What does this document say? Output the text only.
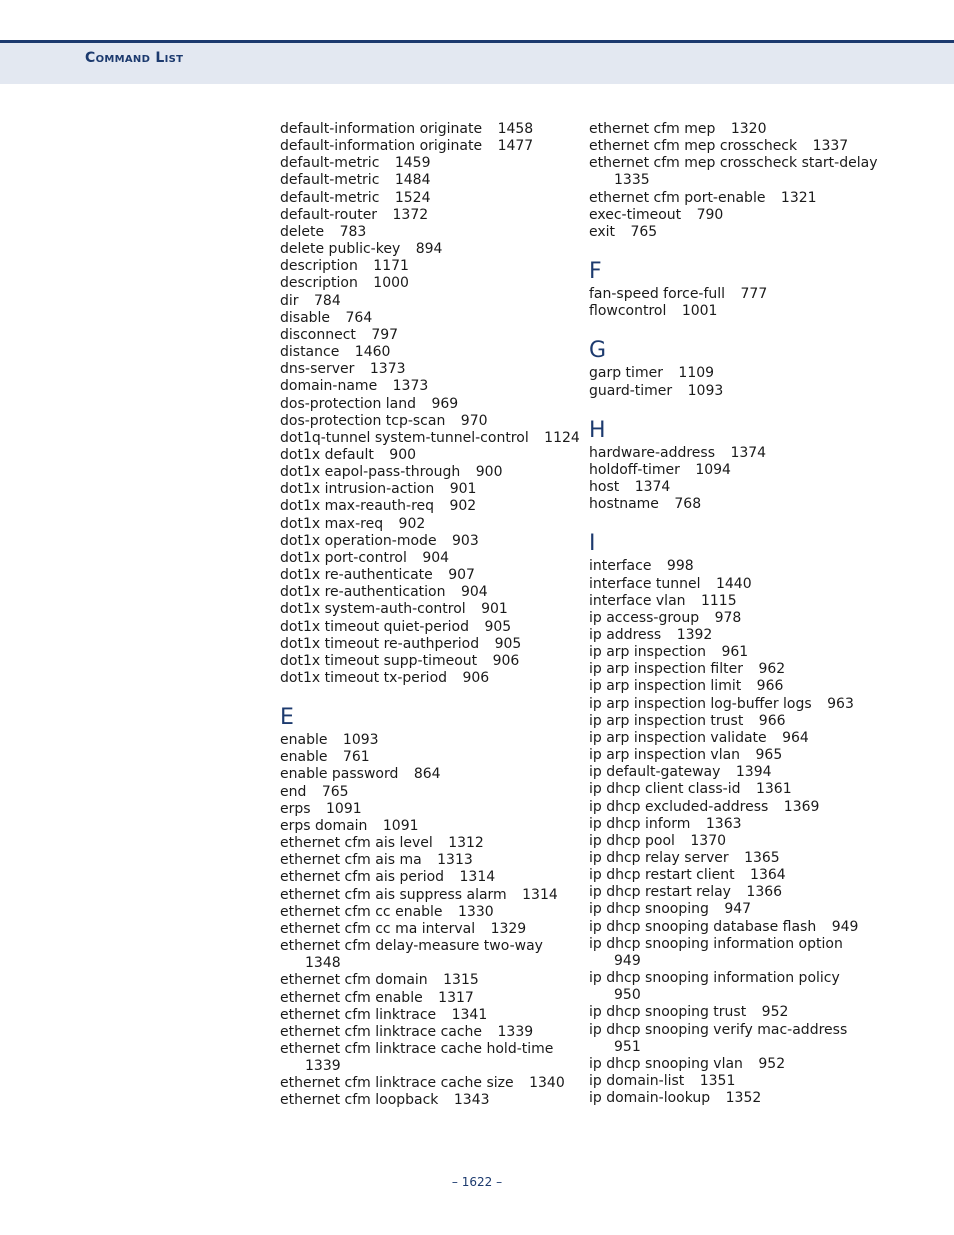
Command List

default-information originate 1458

default-information originate 1477

default-metric 1459

default-metric 1484

default-metric 1524

default-router 1372

delete 783

delete public-key 894

description 1171

description 1000

dir 784

disable 764

disconnect 797

distance 1460

dns-server 1373

domain-name 1373

dos-protection land 969

dos-protection tcp-scan 970

dot1q-tunnel system-tunnel-control 1124

dot1x default 900

dot1x eapol-pass-through 900

dot1x intrusion-action 901

dot1x max-reauth-req 902

dot1x max-req 902

dot1x operation-mode 903

dot1x port-control 904

dot1x re-authenticate 907

dot1x re-authentication 904

dot1x system-auth-control 901

dot1x timeout quiet-period 905

dot1x timeout re-authperiod 905

dot1x timeout supp-timeout 906

dot1x timeout tx-period 906

E

enable 1093

enable 761

enable password 864

end 765

erps 1091

erps domain 1091

ethernet cfm ais level 1312

ethernet cfm ais ma 1313

ethernet cfm ais period 1314

ethernet cfm ais suppress alarm 1314

ethernet cfm cc enable 1330

ethernet cfm cc ma interval 1329

ethernet cfm delay-measure two-way 1348

ethernet cfm domain 1315

ethernet cfm enable 1317

ethernet cfm linktrace 1341

ethernet cfm linktrace cache 1339

ethernet cfm linktrace cache hold-time 1339

ethernet cfm linktrace cache size 1340

ethernet cfm loopback 1343

ethernet cfm mep 1320

ethernet cfm mep crosscheck 1337

ethernet cfm mep crosscheck start-delay 1335

ethernet cfm port-enable 1321

exec-timeout 790

exit 765

F

fan-speed force-full 777

flowcontrol 1001

G

garp timer 1109

guard-timer 1093

H

hardware-address 1374

holdoff-timer 1094

host 1374

hostname 768

I

interface 998

interface tunnel 1440

interface vlan 1115

ip access-group 978

ip address 1392

ip arp inspection 961

ip arp inspection filter 962

ip arp inspection limit 966

ip arp inspection log-buffer logs 963

ip arp inspection trust 966

ip arp inspection validate 964

ip arp inspection vlan 965

ip default-gateway 1394

ip dhcp client class-id 1361

ip dhcp excluded-address 1369

ip dhcp inform 1363

ip dhcp pool 1370

ip dhcp relay server 1365

ip dhcp restart client 1364

ip dhcp restart relay 1366

ip dhcp snooping 947

ip dhcp snooping database flash 949

ip dhcp snooping information option 949

ip dhcp snooping information policy 950

ip dhcp snooping trust 952

ip dhcp snooping verify mac-address 951

ip dhcp snooping vlan 952

ip domain-list 1351

ip domain-lookup 1352

– 1622 –
